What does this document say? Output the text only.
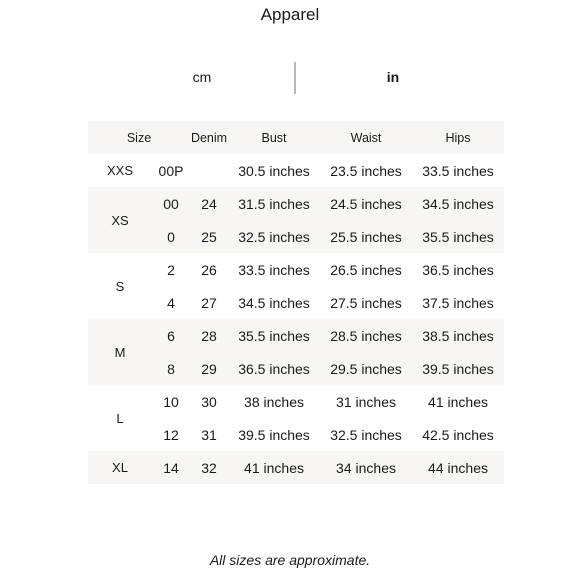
Apparel
cm	in
Size		Denim	Bust	Waist	Hips
XXS	00P		30.5 inches	23.5 inches	33.5 inches
XS	00	24	31.5 inches	24.5 inches	34.5 inches
	0	25	32.5 inches	25.5 inches	35.5 inches
S	2	26	33.5 inches	26.5 inches	36.5 inches
	4	27	34.5 inches	27.5 inches	37.5 inches
M	6	28	35.5 inches	28.5 inches	38.5 inches
	8	29	36.5 inches	29.5 inches	39.5 inches
L	10	30	38 inches	31 inches	41 inches
	12	31	39.5 inches	32.5 inches	42.5 inches
XL	14	32	41 inches	34 inches	44 inches
All sizes are approximate.
